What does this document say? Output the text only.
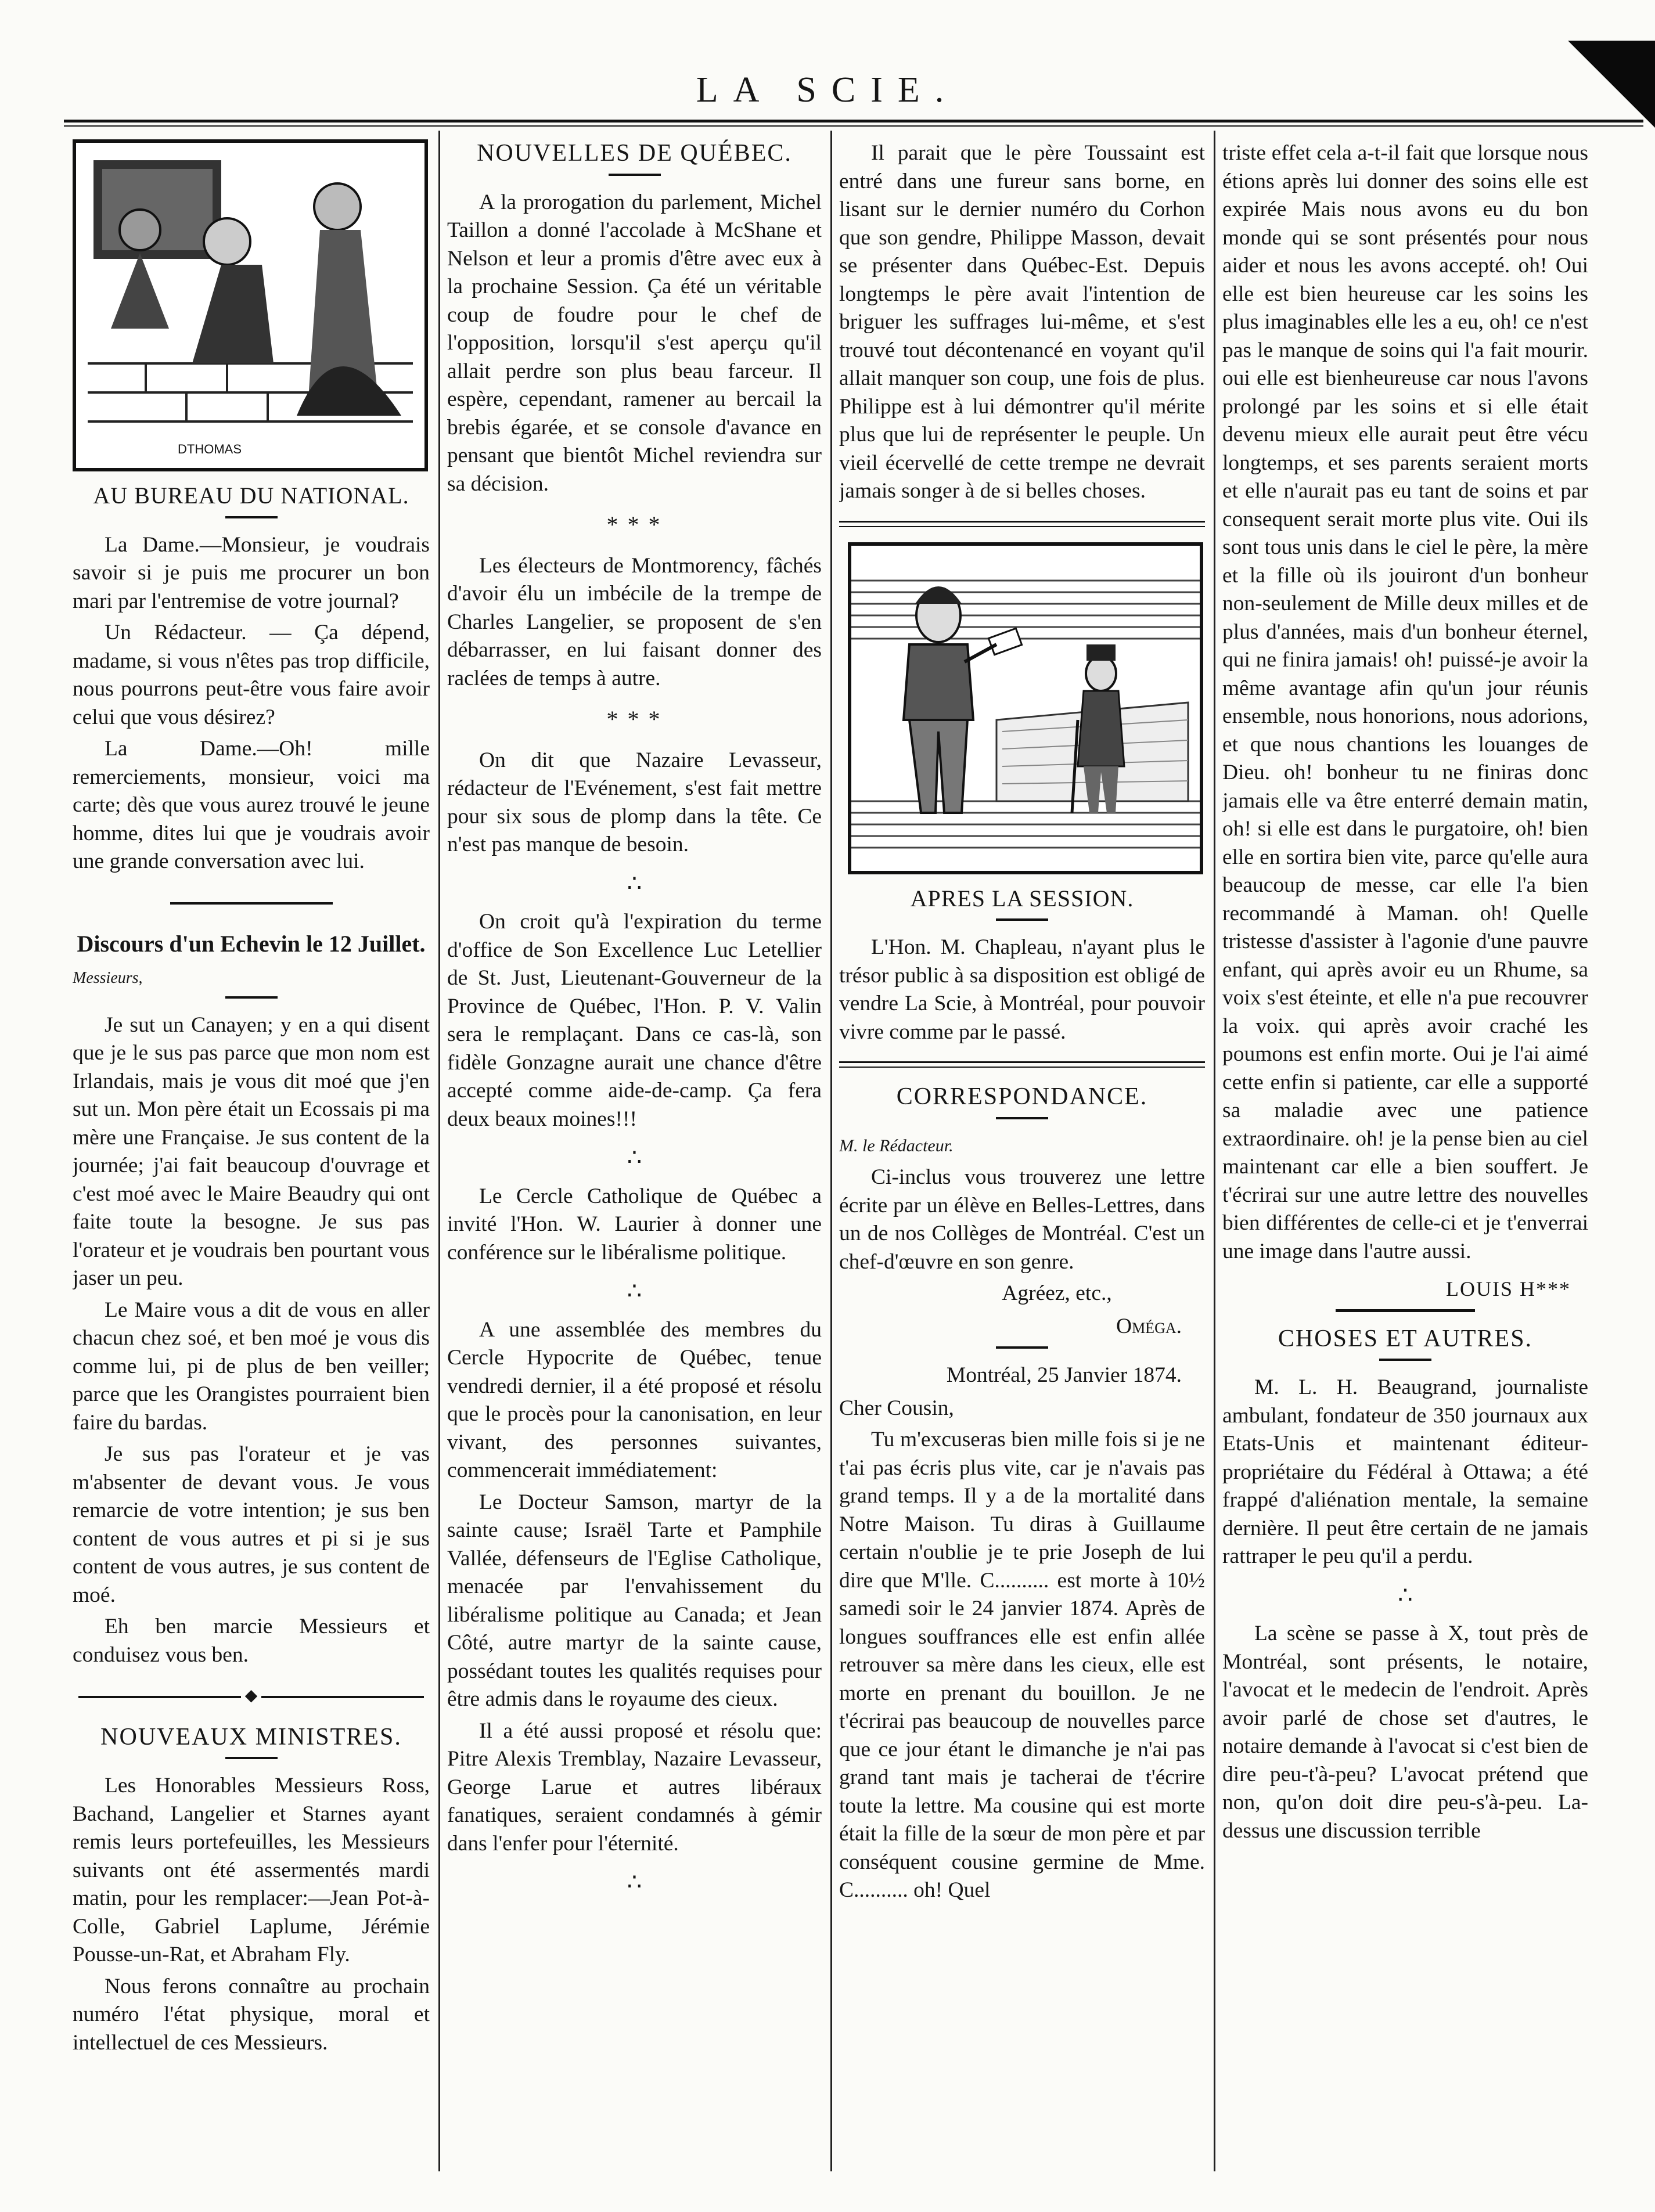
LA SCIE.
DTHOMAS
AU BUREAU DU NATIONAL.

La Dame.—Monsieur, je voudrais savoir si je puis me procurer un bon mari par l'entremise de votre journal?

Un Rédacteur. — Ça dépend, madame, si vous n'êtes pas trop difficile, nous pourrons peut-être vous faire avoir celui que vous désirez?

La Dame.—Oh! mille remerciements, monsieur, voici ma carte; dès que vous aurez trouvé le jeune homme, dites lui que je voudrais avoir une grande conversation avec lui.

Discours d'un Echevin le 12 Juillet.

Messieurs,

Je sut un Canayen; y en a qui disent que je le sus pas parce que mon nom est Irlandais, mais je vous dit moé que j'en sut un. Mon père était un Ecossais pi ma mère une Française. Je sus content de la journée; j'ai fait beaucoup d'ouvrage et c'est moé avec le Maire Beaudry qui ont faite toute la besogne. Je sus pas l'orateur et je voudrais ben pourtant vous jaser un peu.

Le Maire vous a dit de vous en aller chacun chez soé, et ben moé je vous dis comme lui, pi de plus de ben veiller; parce que les Orangistes pourraient bien faire du bardas.

Je sus pas l'orateur et je vas m'absenter de devant vous. Je vous remarcie de votre intention; je sus ben content de vous autres et pi si je sus content de vous autres, je sus content de moé.

Eh ben marcie Messieurs et conduisez vous ben.

◆
NOUVEAUX MINISTRES.

Les Honorables Messieurs Ross, Bachand, Langelier et Starnes ayant remis leurs portefeuilles, les Messieurs suivants ont été assermentés mardi matin, pour les remplacer:—Jean Pot-à-Colle, Gabriel Laplume, Jérémie Pousse-un-Rat, et Abraham Fly.

Nous ferons connaître au prochain numéro l'état physique, moral et intellectuel de ces Messieurs.

NOUVELLES DE QUÉBEC.

A la prorogation du parlement, Michel Taillon a donné l'accolade à McShane et Nelson et leur a promis d'être avec eux à la prochaine Session. Ça été un véritable coup de foudre pour le chef de l'opposition, lorsqu'il s'est aperçu qu'il allait perdre son plus beau farceur. Il espère, cependant, ramener au bercail la brebis égarée, et se console d'avance en pensant que bientôt Michel reviendra sur sa décision.

* * *

Les électeurs de Montmorency, fâchés d'avoir élu un imbécile de la trempe de Charles Langelier, se proposent de s'en débarrasser, en lui faisant donner des raclées de temps à autre.

* * *

On dit que Nazaire Levasseur, rédacteur de l'Evénement, s'est fait mettre pour six sous de plomp dans la tête. Ce n'est pas manque de besoin.

∴

On croit qu'à l'expiration du terme d'office de Son Excellence Luc Letellier de St. Just, Lieutenant-Gouverneur de la Province de Québec, l'Hon. P. V. Valin sera le remplaçant. Dans ce cas-là, son fidèle Gonzagne aurait une chance d'être accepté comme aide-de-camp. Ça fera deux beaux moines!!!

∴

Le Cercle Catholique de Québec a invité l'Hon. W. Laurier à donner une conférence sur le libéralisme politique.

∴

A une assemblée des membres du Cercle Hypocrite de Québec, tenue vendredi dernier, il a été proposé et résolu que le procès pour la canonisation, en leur vivant, des personnes suivantes, commencerait immédiatement:

Le Docteur Samson, martyr de la sainte cause; Israël Tarte et Pamphile Vallée, défenseurs de l'Eglise Catholique, menacée par l'envahissement du libéralisme politique au Canada; et Jean Côté, autre martyr de la sainte cause, possédant toutes les qualités requises pour être admis dans le royaume des cieux.

Il a été aussi proposé et résolu que: Pitre Alexis Tremblay, Nazaire Levasseur, George Larue et autres libéraux fanatiques, seraient condamnés à gémir dans l'enfer pour l'éternité.

∴

Il parait que le père Toussaint est entré dans une fureur sans borne, en lisant sur le dernier numéro du Corhon que son gendre, Philippe Masson, devait se présenter dans Québec-Est. Depuis longtemps le père avait l'intention de briguer les suffrages lui-même, et s'est trouvé tout décontenancé en voyant qu'il allait manquer son coup, une fois de plus. Philippe est à lui démontrer qu'il mérite plus que lui de représenter le peuple. Un vieil écervellé de cette trempe ne devrait jamais songer à de si belles choses.

APRES LA SESSION.

L'Hon. M. Chapleau, n'ayant plus le trésor public à sa disposition est obligé de vendre La Scie, à Montréal, pour pouvoir vivre comme par le passé.

CORRESPONDANCE.

M. le Rédacteur.

Ci-inclus vous trouverez une lettre écrite par un élève en Belles-Lettres, dans un de nos Collèges de Montréal. C'est un chef-d'œuvre en son genre.

Agréez, etc.,
Oméga.
Montréal, 25 Janvier 1874.

Cher Cousin,

Tu m'excuseras bien mille fois si je ne t'ai pas écris plus vite, car je n'avais pas grand temps. Il y a de la mortalité dans Notre Maison. Tu diras à Guillaume certain n'oublie je te prie Joseph de lui dire que M'lle. C.......... est morte à 10½ samedi soir le 24 janvier 1874. Après de longues souffrances elle est enfin allée retrouver sa mère dans les cieux, elle est morte en prenant du bouillon. Je ne t'écrirai pas beaucoup de nouvelles parce que ce jour étant le dimanche je n'ai pas grand tant mais je tacherai de t'écrire toute la lettre. Ma cousine qui est morte était la fille de la sœur de mon père et par conséquent cousine germine de Mme. C.......... oh! Quel

triste effet cela a-t-il fait que lorsque nous étions après lui donner des soins elle est expirée Mais nous avons eu du bon monde qui se sont présentés pour nous aider et nous les avons accepté. oh! Oui elle est bien heureuse car les soins les plus imaginables elle les a eu, oh! ce n'est pas le manque de soins qui l'a fait mourir. oui elle est bienheureuse car nous l'avons prolongé par les soins et si elle était devenu mieux elle aurait peut être vécu longtemps, et ses parents seraient morts et elle n'aurait pas eu tant de soins et par consequent serait morte plus vite. Oui ils sont tous unis dans le ciel le père, la mère et la fille où ils jouiront d'un bonheur non-seulement de Mille deux milles et de plus d'années, mais d'un bonheur éternel, qui ne finira jamais! oh! puissé-je avoir la même avantage afin qu'un jour réunis ensemble, nous honorions, nous adorions, et que nous chantions les louanges de Dieu. oh! bonheur tu ne finiras donc jamais elle va être enterré demain matin, oh! si elle est dans le purgatoire, oh! bien elle en sortira bien vite, parce qu'elle aura beaucoup de messe, car elle l'a bien recommandé à Maman. oh! Quelle tristesse d'assister à l'agonie d'une pauvre enfant, qui après avoir eu un Rhume, sa voix s'est éteinte, et elle n'a pue recouvrer la voix. qui après avoir craché les poumons est enfin morte. Oui je l'ai aimé cette enfin si patiente, car elle a supporté sa maladie avec une patience extraordinaire. oh! je la pense bien au ciel maintenant car elle a bien souffert. Je t'écrirai sur une autre lettre des nouvelles bien différentes de celle-ci et je t'enverrai une image dans l'autre aussi.

LOUIS H***
CHOSES ET AUTRES.

M. L. H. Beaugrand, journaliste ambulant, fondateur de 350 journaux aux Etats-Unis et maintenant éditeur-propriétaire du Fédéral à Ottawa; a été frappé d'aliénation mentale, la semaine dernière. Il peut être certain de ne jamais rattraper le peu qu'il a perdu.

∴

La scène se passe à X, tout près de Montréal, sont présents, le notaire, l'avocat et le medecin de l'endroit. Après avoir parlé de chose set d'autres, le notaire demande à l'avocat si c'est bien de dire peu-t'à-peu? L'avocat prétend que non, qu'on doit dire peu-s'à-peu. La-dessus une discussion terrible
